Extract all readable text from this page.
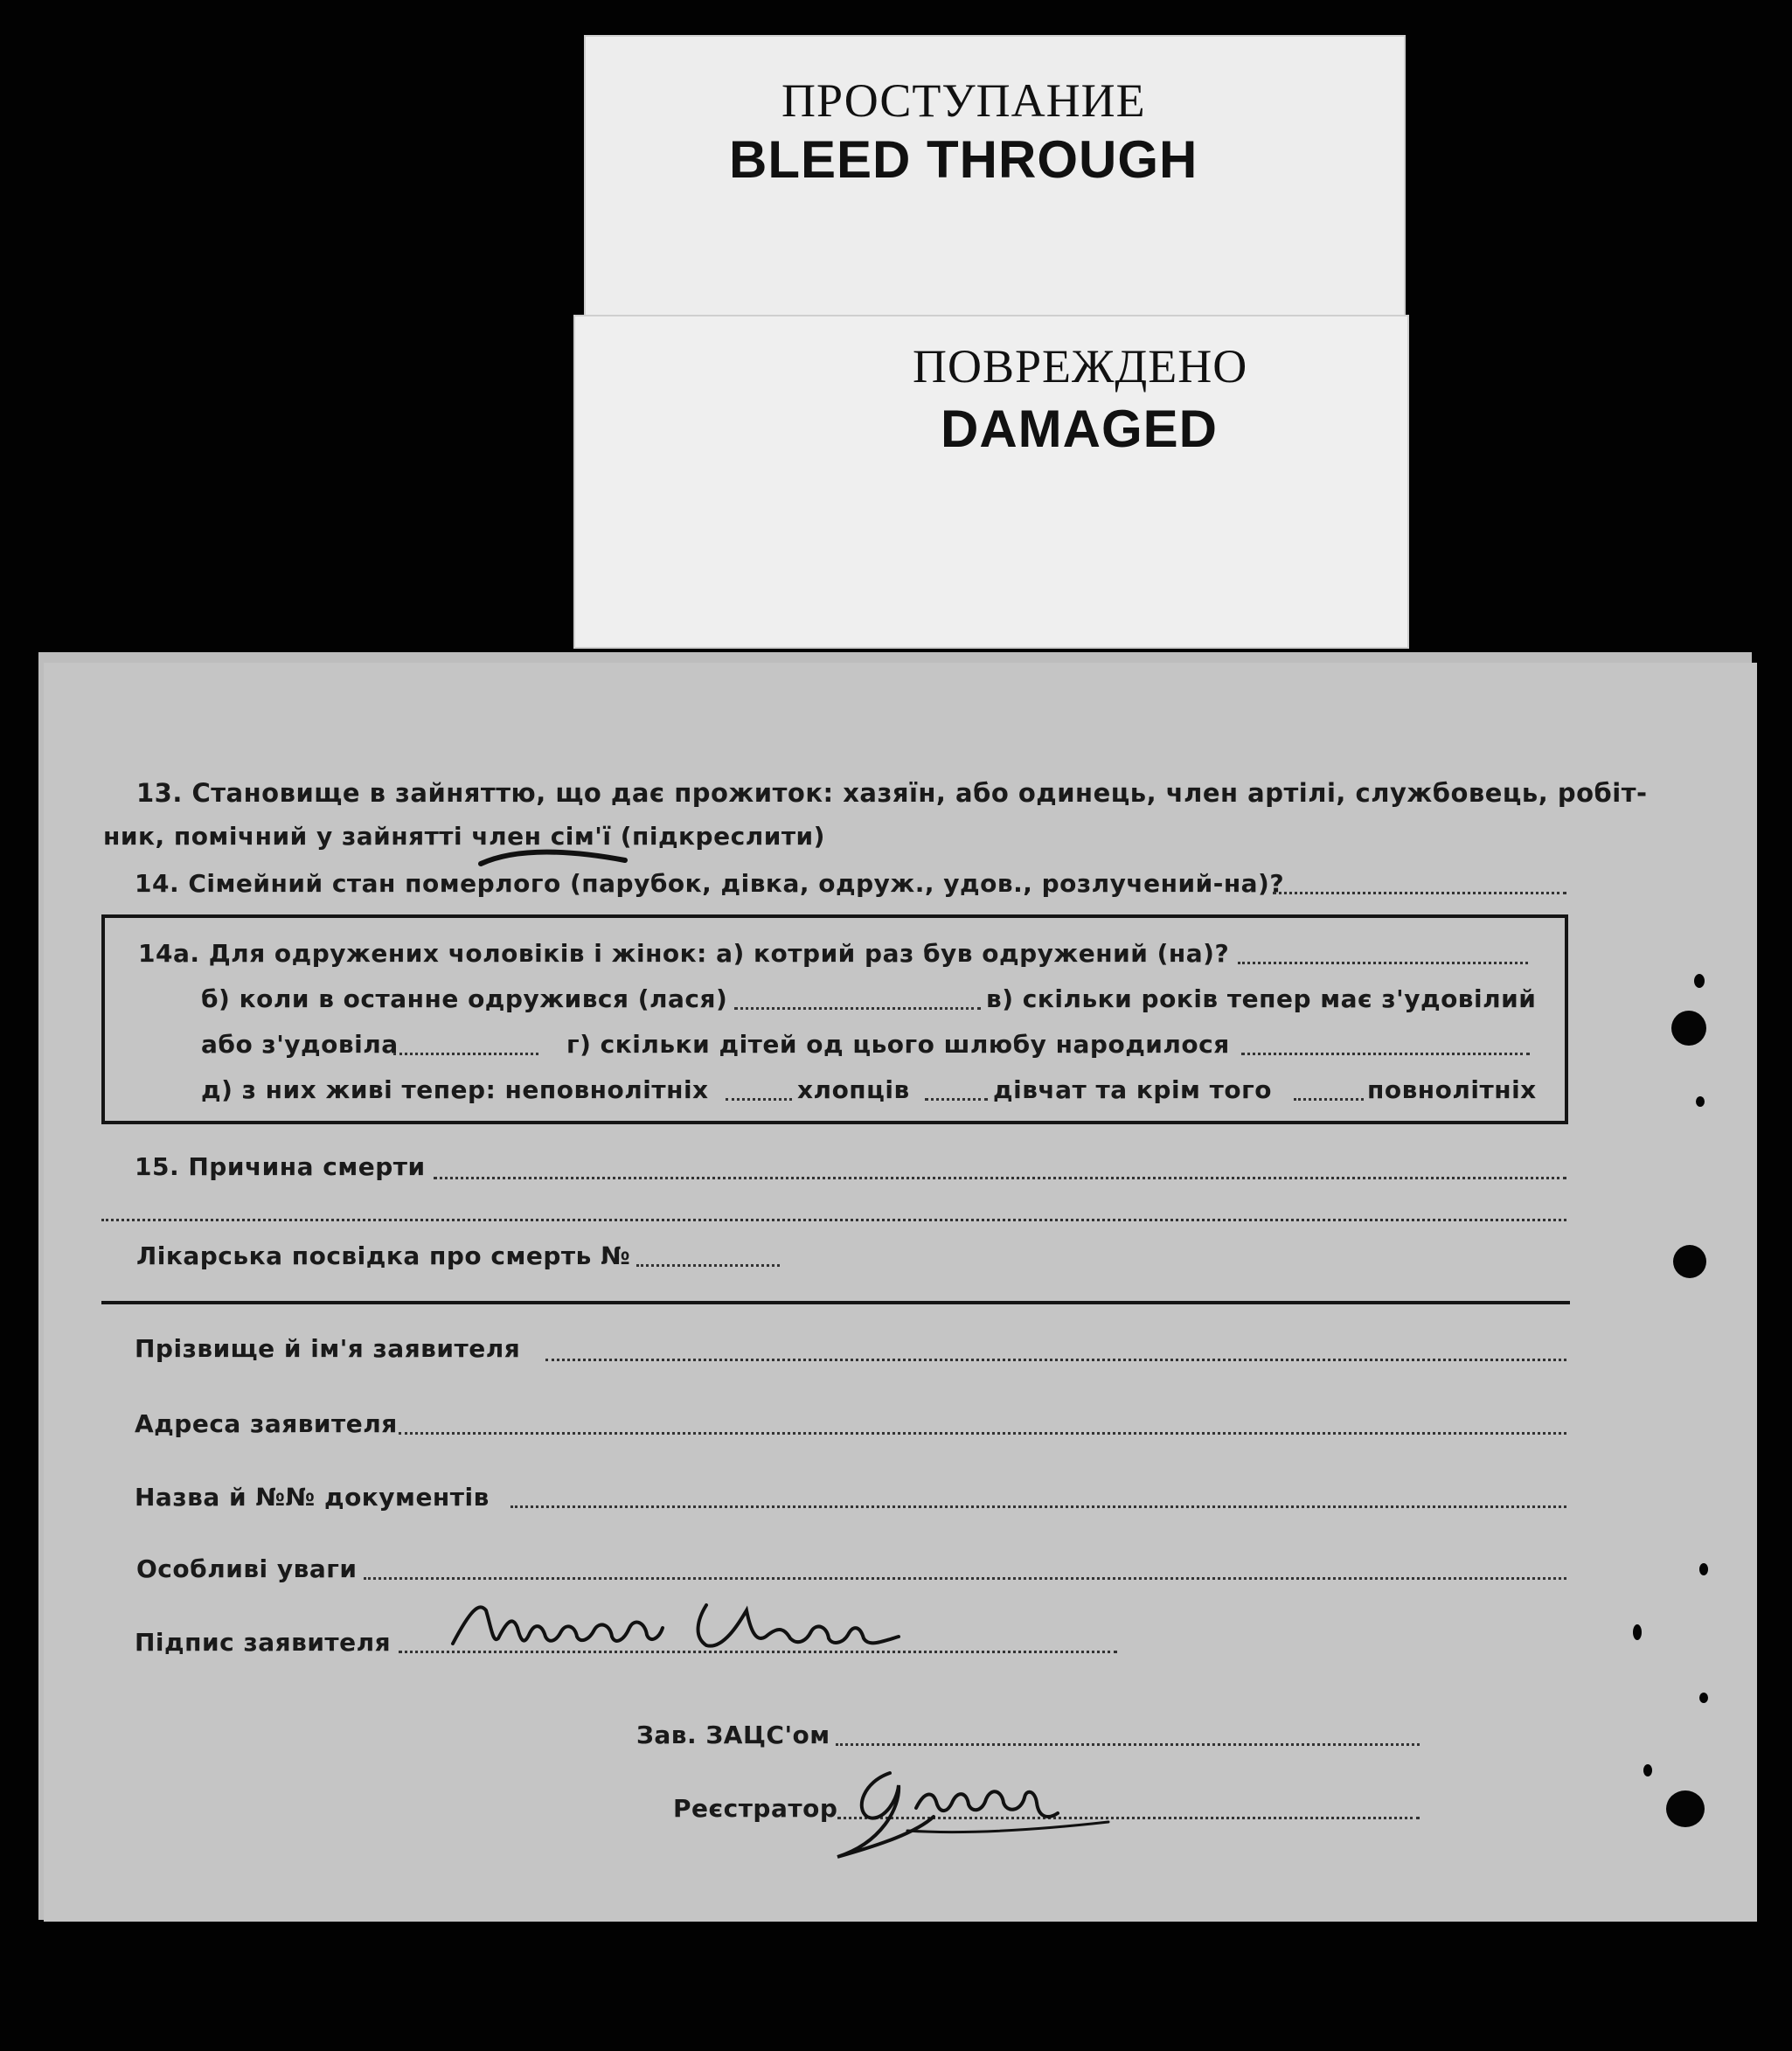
ПРОСТУПАНИЕ
BLEED THROUGH
ПОВРЕЖДЕНО
DAMAGED
13. Становище в зайняттю, що дає прожиток: хазяїн, або одинець, член артілі, службовець, робіт-
ник, помічний у зайнятті член сім'ї (підкреслити)
14. Сімейний стан померлого (парубок, дівка, одруж., удов., розлучений-на)?
14а. Для одружених чоловіків і жінок: а) котрий раз був одружений (на)?
б) коли в останне одружився (лася)	в) скільки років тепер має з'удовілий
або з'удовіла	г) скільки дітей од цього шлюбу народилося
д) з них живі тепер: неповнолітніх	хлопців	дівчат та крім того	повнолітніх
15. Причина смерти
Лікарська посвідка про смерть №
Прізвище й ім'я заявителя
Адреса заявителя
Назва й №№ документів
Особливі уваги
Підпис заявителя
Зав. ЗАЦС'ом
Реєстратор
